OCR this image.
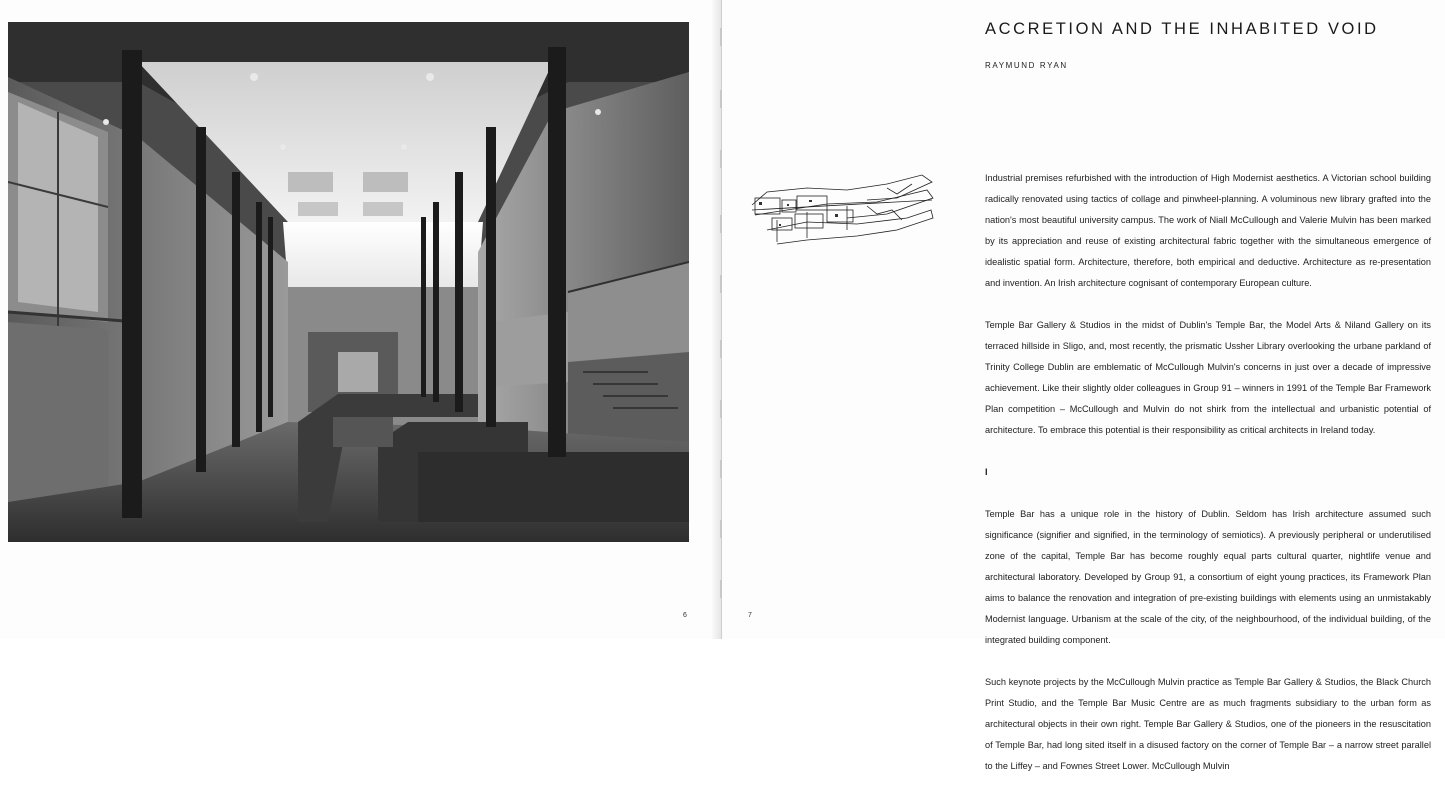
6
ACCRETION AND THE INHABITED VOID
RAYMUND RYAN

Industrial premises refurbished with the introduction of High Modernist aesthetics. A Victorian school building radically renovated using tactics of collage and pinwheel-planning. A voluminous new library grafted into the nation's most beautiful university campus. The work of Niall McCullough and Valerie Mulvin has been marked by its appreciation and reuse of existing architectural fabric together with the simultaneous emergence of idealistic spatial form. Architecture, therefore, both empirical and deductive. Architecture as re-presentation and invention. An Irish architecture cognisant of contemporary European culture.

Temple Bar Gallery & Studios in the midst of Dublin's Temple Bar, the Model Arts & Niland Gallery on its terraced hillside in Sligo, and, most recently, the prismatic Ussher Library overlooking the urbane parkland of Trinity College Dublin are emblematic of McCullough Mulvin's concerns in just over a decade of impressive achievement. Like their slightly older colleagues in Group 91 – winners in 1991 of the Temple Bar Framework Plan competition – McCullough and Mulvin do not shirk from the intellectual and urbanistic potential of architecture. To embrace this potential is their responsibility as critical architects in Ireland today.

I

Temple Bar has a unique role in the history of Dublin. Seldom has Irish architecture assumed such significance (signifier and signified, in the terminology of semiotics). A previously peripheral or underutilised zone of the capital, Temple Bar has become roughly equal parts cultural quarter, nightlife venue and architectural laboratory. Developed by Group 91, a consortium of eight young practices, its Framework Plan aims to balance the renovation and integration of pre-existing buildings with elements using an unmistakably Modernist language. Urbanism at the scale of the city, of the neighbourhood, of the individual building, of the integrated building component.

Such keynote projects by the McCullough Mulvin practice as Temple Bar Gallery & Studios, the Black Church Print Studio, and the Temple Bar Music Centre are as much fragments subsidiary to the urban form as architectural objects in their own right. Temple Bar Gallery & Studios, one of the pioneers in the resuscitation of Temple Bar, had long sited itself in a disused factory on the corner of Temple Bar – a narrow street parallel to the Liffey – and Fownes Street Lower. McCullough Mulvin

7
